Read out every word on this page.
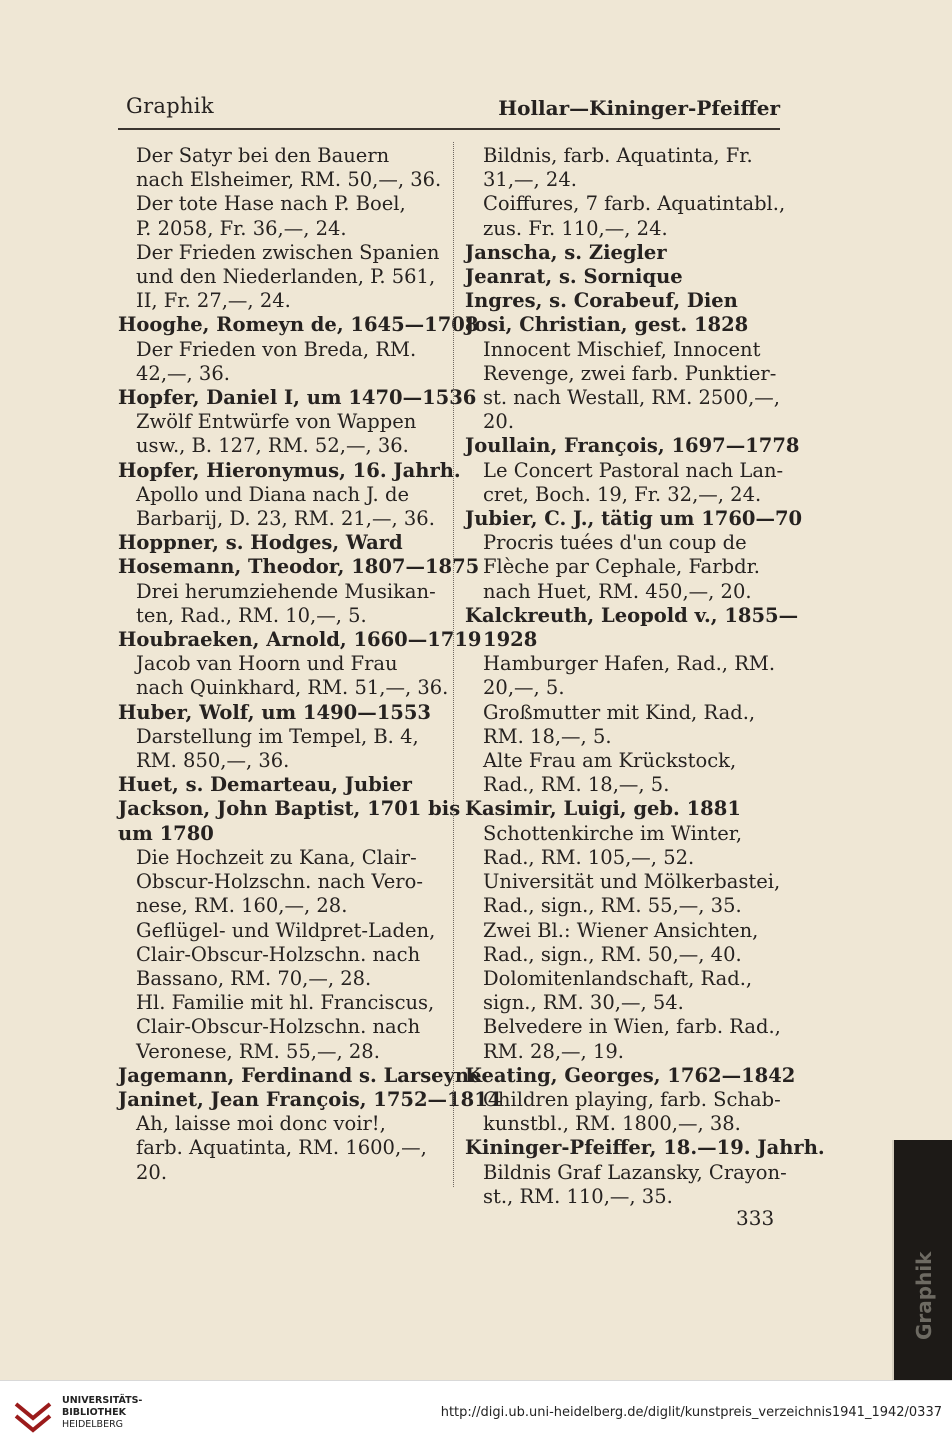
Graphik	Hollar—Kininger-Pfeiffer
Der Satyr bei den Bauern
nach Elsheimer, RM. 50,—, 36.
Der tote Hase nach P. Boel,
P. 2058, Fr. 36,—, 24.
Der Frieden zwischen Spanien
und den Niederlanden, P. 561,
II, Fr. 27,—, 24.
Hooghe, Romeyn de, 1645—1708
Der Frieden von Breda, RM.
42,—, 36.
Hopfer, Daniel I, um 1470—1536
Zwölf Entwürfe von Wappen
usw., B. 127, RM. 52,—, 36.
Hopfer, Hieronymus, 16. Jahrh.
Apollo und Diana nach J. de
Barbarij, D. 23, RM. 21,—, 36.
Hoppner, s. Hodges, Ward
Hosemann, Theodor, 1807—1875
Drei herumziehende Musikan-
ten, Rad., RM. 10,—, 5.
Houbraeken, Arnold, 1660—1719
Jacob van Hoorn und Frau
nach Quinkhard, RM. 51,—, 36.
Huber, Wolf, um 1490—1553
Darstellung im Tempel, B. 4,
RM. 850,—, 36.
Huet, s. Demarteau, Jubier
Jackson, John Baptist, 1701 bis
um 1780
Die Hochzeit zu Kana, Clair-
Obscur-Holzschn. nach Vero-
nese, RM. 160,—, 28.
Geflügel- und Wildpret-Laden,
Clair-Obscur-Holzschn. nach
Bassano, RM. 70,—, 28.
Hl. Familie mit hl. Franciscus,
Clair-Obscur-Holzschn. nach
Veronese, RM. 55,—, 28.
Jagemann, Ferdinand s. Larseyne
Janinet, Jean François, 1752—1814
Ah, laisse moi donc voir!,
farb. Aquatinta, RM. 1600,—,
20.
Bildnis, farb. Aquatinta, Fr.
31,—, 24.
Coiffures, 7 farb. Aquatintabl.,
zus. Fr. 110,—, 24.
Janscha, s. Ziegler
Jeanrat, s. Sornique
Ingres, s. Corabeuf, Dien
Josi, Christian, gest. 1828
Innocent Mischief, Innocent
Revenge, zwei farb. Punktier-
st. nach Westall, RM. 2500,—,
20.
Joullain, François, 1697—1778
Le Concert Pastoral nach Lan-
cret, Boch. 19, Fr. 32,—, 24.
Jubier, C. J., tätig um 1760—70
Procris tuées d'un coup de
Flèche par Cephale, Farbdr.
nach Huet, RM. 450,—, 20.
Kalckreuth, Leopold v., 1855—
1928
Hamburger Hafen, Rad., RM.
20,—, 5.
Großmutter mit Kind, Rad.,
RM. 18,—, 5.
Alte Frau am Krückstock,
Rad., RM. 18,—, 5.
Kasimir, Luigi, geb. 1881
Schottenkirche im Winter,
Rad., RM. 105,—, 52.
Universität und Mölkerbastei,
Rad., sign., RM. 55,—, 35.
Zwei Bl.: Wiener Ansichten,
Rad., sign., RM. 50,—, 40.
Dolomitenlandschaft, Rad.,
sign., RM. 30,—, 54.
Belvedere in Wien, farb. Rad.,
RM. 28,—, 19.
Keating, Georges, 1762—1842
Children playing, farb. Schab-
kunstbl., RM. 1800,—, 38.
Kininger-Pfeiffer, 18.—19. Jahrh.
Bildnis Graf Lazansky, Crayon-
st., RM. 110,—, 35.
333
Graphik
UNIVERSITÄTS-
BIBLIOTHEK
HEIDELBERG
http://digi.ub.uni-heidelberg.de/diglit/kunstpreis_verzeichnis1941_1942/0337
